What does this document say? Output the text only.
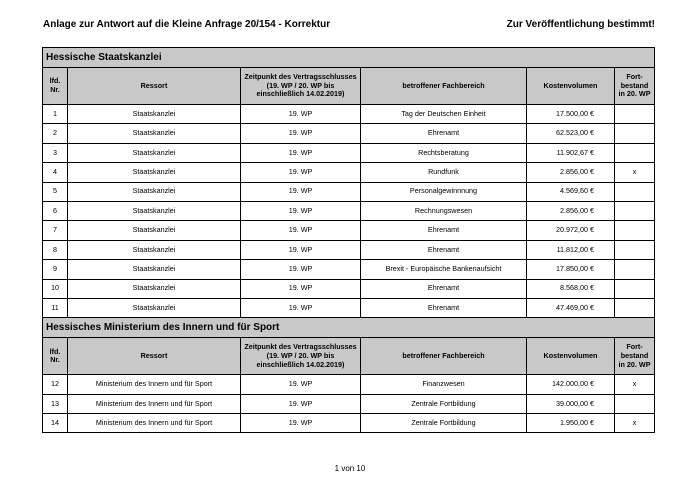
Anlage zur Antwort auf die Kleine Anfrage 20/154 - Korrektur	Zur Veröffentlichung bestimmt!
Hessische Staatskanzlei					
lfd. Nr.	Ressort	Zeitpunkt des Vertragsschlusses (19. WP / 20. WP bis einschließlich 14.02.2019)	betroffener Fachbereich	Kostenvolumen	Fort- bestand in 20. WP
1	Staatskanzlei	19. WP	Tag der Deutschen Einheit	17.500,00 €	
2	Staatskanzlei	19. WP	Ehrenamt	62.523,00 €	
3	Staatskanzlei	19. WP	Rechtsberatung	11.902,67 €	
4	Staatskanzlei	19. WP	Rundfunk	2.856,00 €	x
5	Staatskanzlei	19. WP	Personalgewinnnung	4.569,60 €	
6	Staatskanzlei	19. WP	Rechnungswesen	2.856,00 €	
7	Staatskanzlei	19. WP	Ehrenamt	20.972,00 €	
8	Staatskanzlei	19. WP	Ehrenamt	11.812,00 €	
9	Staatskanzlei	19. WP	Brexit - Europäische Bankenaufsicht	17.850,00 €	
10	Staatskanzlei	19. WP	Ehrenamt	8.568,00 €	
11	Staatskanzlei	19. WP	Ehrenamt	47.469,00 €	
Hessisches Ministerium des Innern und für Sport					
lfd. Nr.	Ressort	Zeitpunkt des Vertragsschlusses (19. WP / 20. WP bis einschließlich 14.02.2019)	betroffener Fachbereich	Kostenvolumen	Fort- bestand in 20. WP
12	Ministerium des Innern und für Sport	19. WP	Finanzwesen	142.000,00 €	x
13	Ministerium des Innern und für Sport	19. WP	Zentrale Fortbildung	39.000,00 €	
14	Ministerium des Innern und für Sport	19. WP	Zentrale Fortbildung	1.950,00 €	x
1 von 10
